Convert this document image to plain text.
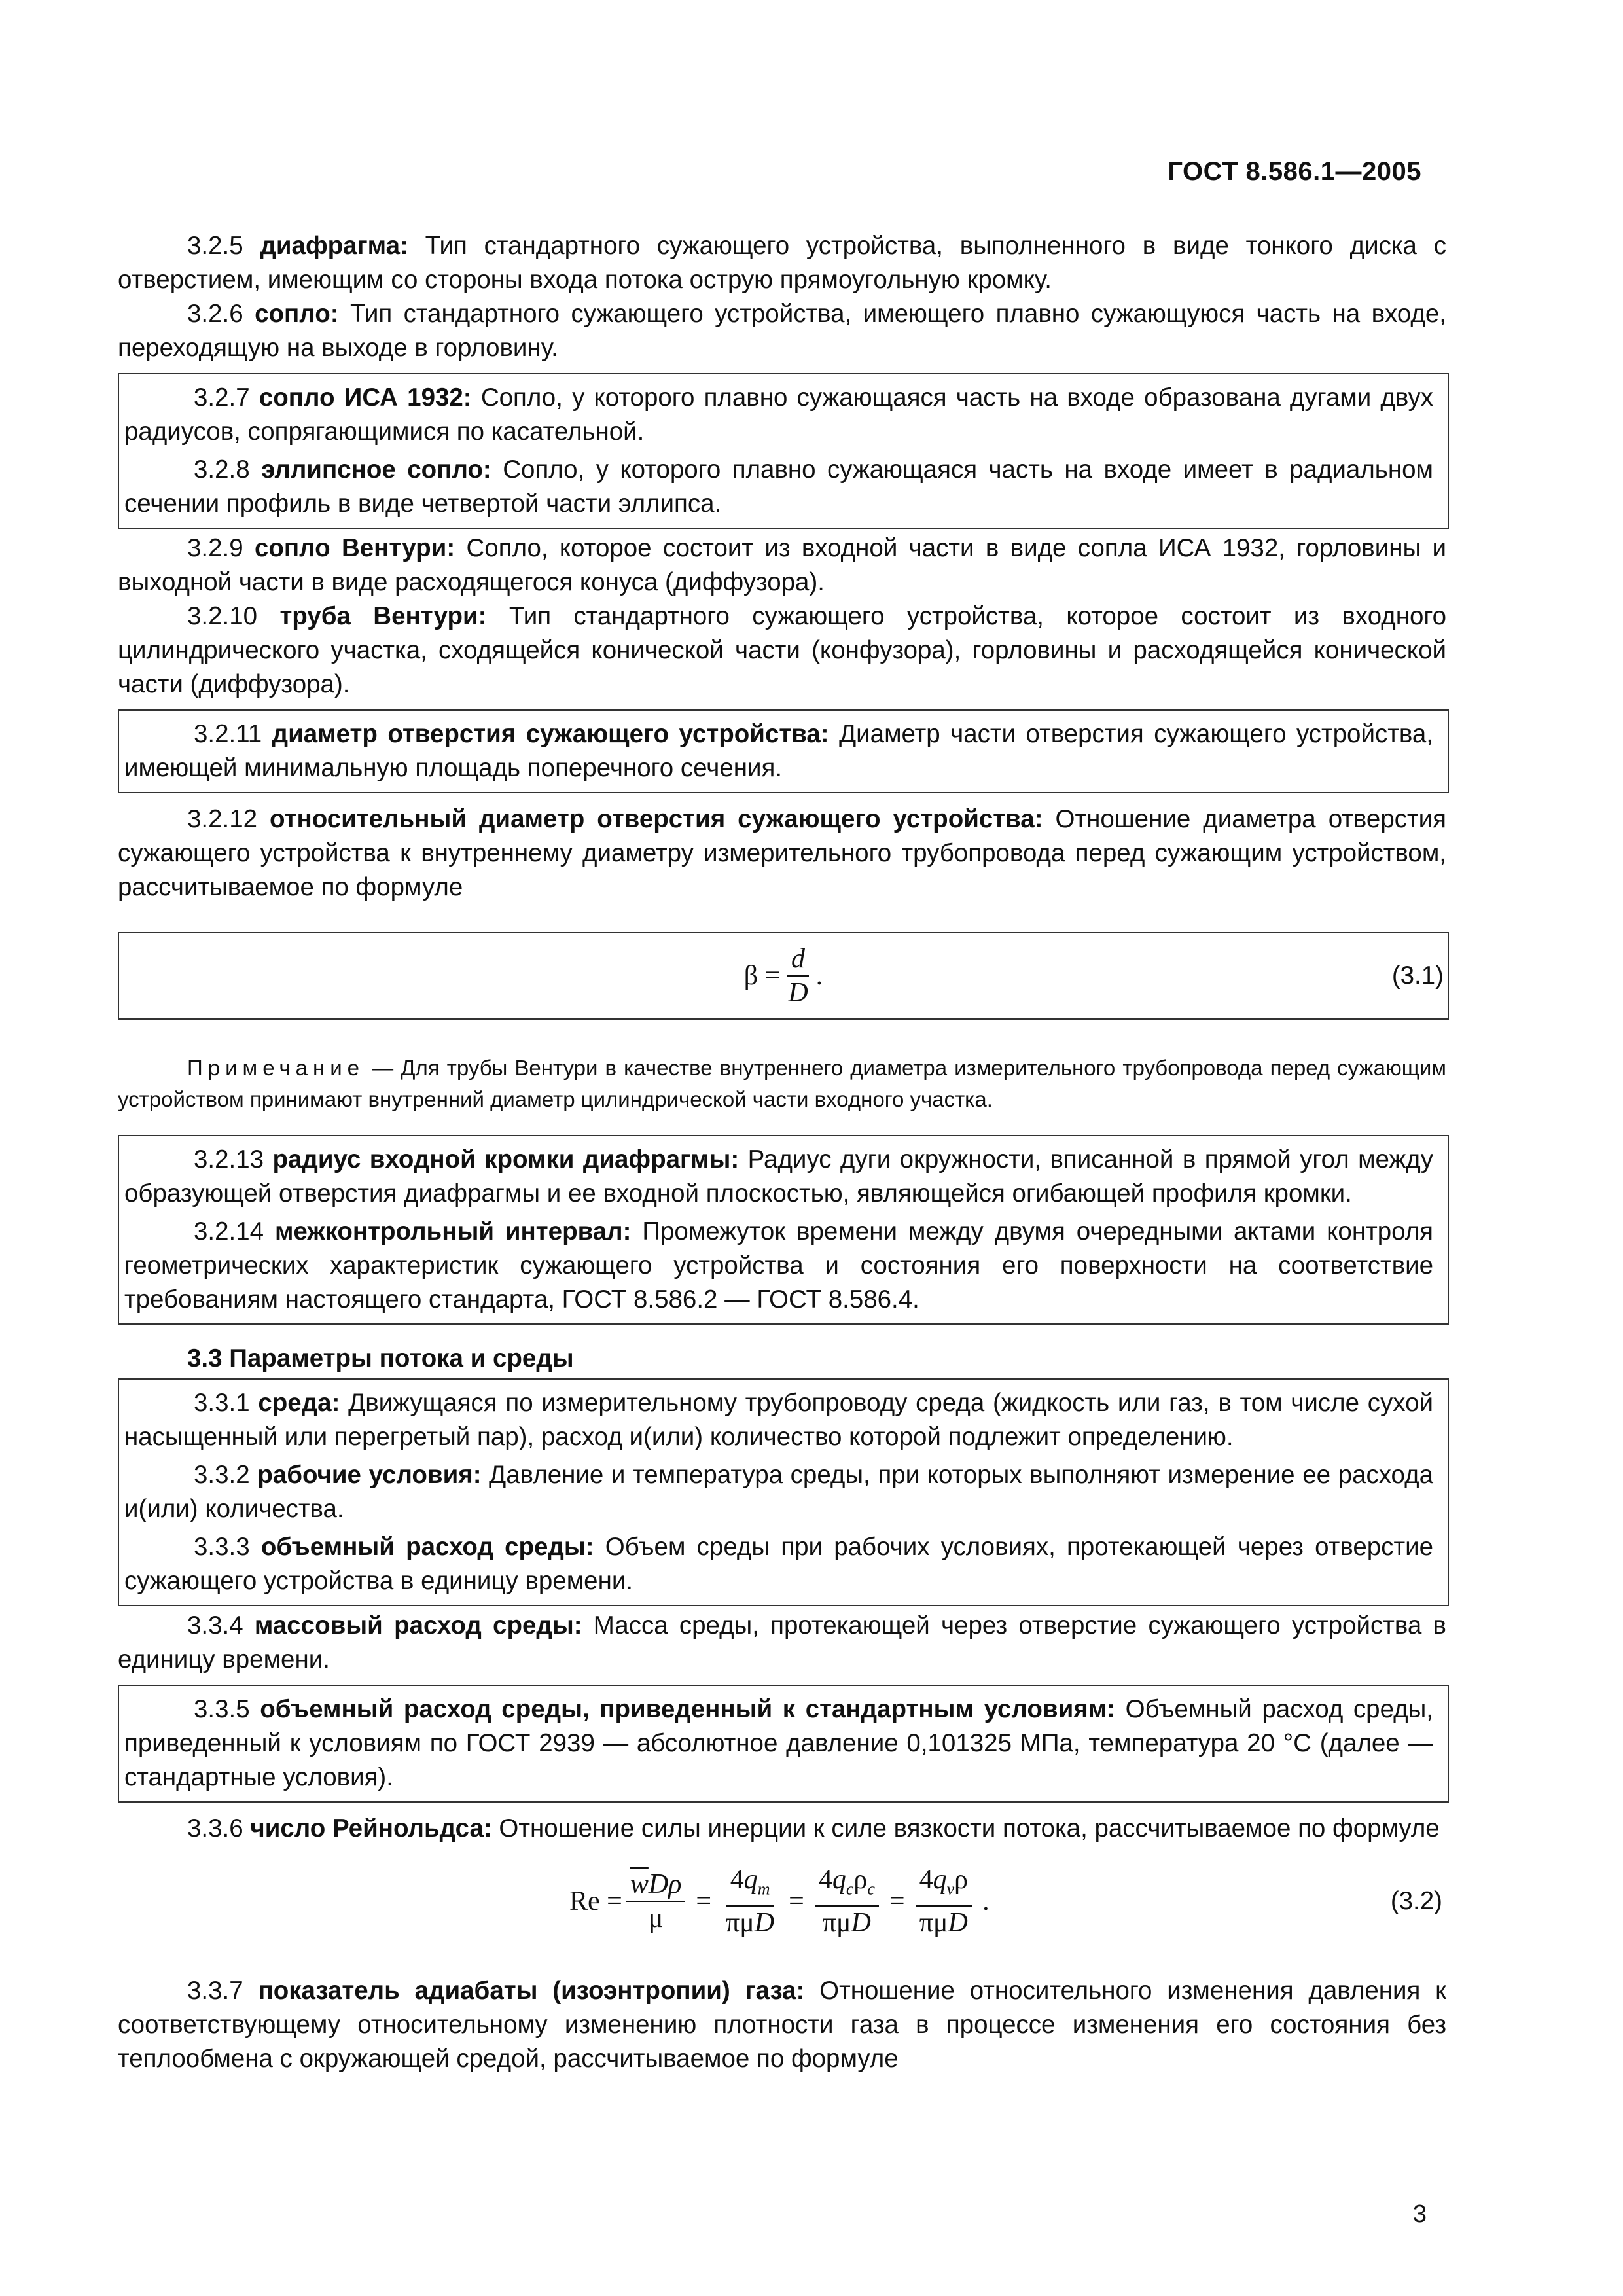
ГОСТ 8.586.1—2005

3.2.5 диафрагма: Тип стандартного сужающего устройства, выполненного в виде тонкого диска с отверстием, имеющим со стороны входа потока острую прямоугольную кромку.

3.2.6 сопло: Тип стандартного сужающего устройства, имеющего плавно сужающуюся часть на входе, переходящую на выходе в горловину.

3.2.7 сопло ИСА 1932: Сопло, у которого плавно сужающаяся часть на входе образована дугами двух радиусов, сопрягающимися по касательной.

3.2.8 эллипсное сопло: Сопло, у которого плавно сужающаяся часть на входе имеет в радиальном сечении профиль в виде четвертой части эллипса.

3.2.9 сопло Вентури: Сопло, которое состоит из входной части в виде сопла ИСА 1932, горловины и выходной части в виде расходящегося конуса (диффузора).

3.2.10 труба Вентури: Тип стандартного сужающего устройства, которое состоит из входного цилиндрического участка, сходящейся конической части (конфузора), горловины и расходящейся конической части (диффузора).

3.2.11 диаметр отверстия сужающего устройства: Диаметр части отверстия сужающего устройства, имеющей минимальную площадь поперечного сечения.

3.2.12 относительный диаметр отверстия сужающего устройства: Отношение диаметра отверстия сужающего устройства к внутреннему диаметру измерительного трубопровода перед сужающим устройством, рассчитываемое по формуле

$\beta = \frac{d}{D}$ .	(3.1)

Примечание — Для трубы Вентури в качестве внутреннего диаметра измерительного трубопровода перед сужающим устройством принимают внутренний диаметр цилиндрической части входного участка.

3.2.13 радиус входной кромки диафрагмы: Радиус дуги окружности, вписанной в прямой угол между образующей отверстия диафрагмы и ее входной плоскостью, являющейся огибающей профиля кромки.

3.2.14 межконтрольный интервал: Промежуток времени между двумя очередными актами контроля геометрических характеристик сужающего устройства и состояния его поверхности на соответствие требованиям настоящего стандарта, ГОСТ 8.586.2 — ГОСТ 8.586.4.

3.3 Параметры потока и среды

3.3.1 среда: Движущаяся по измерительному трубопроводу среда (жидкость или газ, в том числе сухой насыщенный или перегретый пар), расход и(или) количество которой подлежит определению.

3.3.2 рабочие условия: Давление и температура среды, при которых выполняют измерение ее расхода и(или) количества.

3.3.3 объемный расход среды: Объем среды при рабочих условиях, протекающей через отверстие сужающего устройства в единицу времени.

3.3.4 массовый расход среды: Масса среды, протекающей через отверстие сужающего устройства в единицу времени.

3.3.5 объемный расход среды, приведенный к стандартным условиям: Объемный расход среды, приведенный к условиям по ГОСТ 2939 — абсолютное давление 0,101325 МПа, температура 20 °C (далее — стандартные условия).

3.3.6 число Рейнольдса: Отношение силы инерции к силе вязкости потока, рассчитываемое по формуле

$Re = \frac{\overline{w}D\rho}{\mu} = \frac{4q_m}{\text{πμD}} = \frac{4q_c\rho_c}{\text{πμD}} = \frac{4q_v\rho}{\text{πμD}}$ .	(3.2)

3.3.7 показатель адиабаты (изоэнтропии) газа: Отношение относительного изменения давления к соответствующему относительному изменению плотности газа в процессе изменения его состояния без теплообмена с окружающей средой, рассчитываемое по формуле

3
